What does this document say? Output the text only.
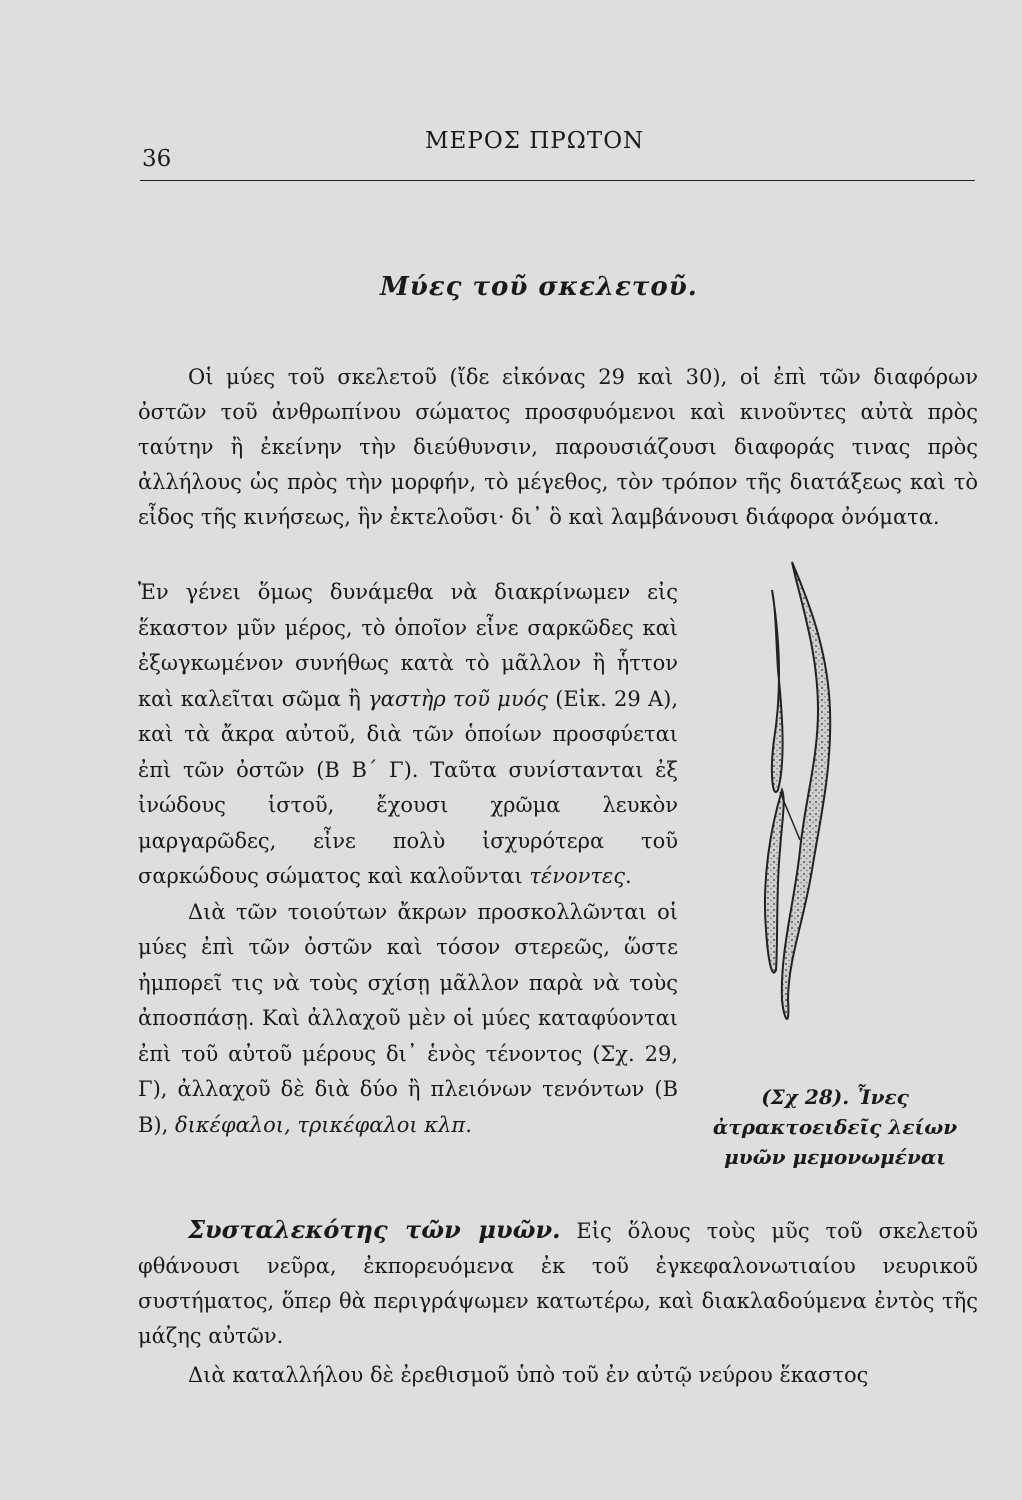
36
ΜΕΡΟΣ ΠΡΩΤΟΝ
Μύες τοῦ σκελετοῦ.

Οἱ μύες τοῦ σκελετοῦ (ἴδε εἰκόνας 29 καὶ 30), οἱ ἐπὶ τῶν διαφόρων ὀστῶν τοῦ ἀνθρωπίνου σώματος προσφυόμενοι καὶ κινοῦντες αὐτὰ πρὸς ταύτην ἢ ἐκείνην τὴν διεύθυνσιν, παρουσιάζουσι διαφοράς τινας πρὸς ἀλλήλους ὡς πρὸς τὴν μορφήν, τὸ μέγεθος, τὸν τρόπον τῆς διατάξεως καὶ τὸ εἶδος τῆς κινήσεως, ἣν ἐκτελοῦσι· δι᾽ ὃ καὶ λαμβάνουσι διάφορα ὀνόματα.

Ἐν γένει ὅμως δυνάμεθα νὰ διακρίνωμεν εἰς ἕκαστον μῦν μέρος, τὸ ὁποῖον εἶνε σαρκῶδες καὶ ἐξωγκωμένον συνήθως κατὰ τὸ μᾶλλον ἢ ἧττον καὶ καλεῖται σῶμα ἢ γαστὴρ τοῦ μυός (Εἰκ. 29 Α), καὶ τὰ ἄκρα αὐτοῦ, διὰ τῶν ὁποίων προσφύεται ἐπὶ τῶν ὀστῶν (Β Β΄ Γ). Ταῦτα συνίστανται ἐξ ἰνώδους ἱστοῦ, ἔχουσι χρῶμα λευκὸν μαργαρῶδες, εἶνε πολὺ ἰσχυρότερα τοῦ σαρκώδους σώματος καὶ καλοῦνται τένοντες.

Διὰ τῶν τοιούτων ἄκρων προσκολλῶνται οἱ μύες ἐπὶ τῶν ὀστῶν καὶ τόσον στερεῶς, ὥστε ἠμπορεῖ τις νὰ τοὺς σχίσῃ μᾶλλον παρὰ νὰ τοὺς ἀποσπάσῃ. Καὶ ἀλλαχοῦ μὲν οἱ μύες καταφύονται ἐπὶ τοῦ αὐτοῦ μέρους δι᾽ ἑνὸς τένοντος (Σχ. 29, Γ), ἀλλαχοῦ δὲ διὰ δύο ἢ πλειόνων τενόντων (Β Β), δικέφαλοι, τρικέφαλοι κλπ.

(Σχ 28). Ἶνες ἀτρακτοειδεῖς λείων μυῶν μεμονωμέναι

Συσταλεκότης τῶν μυῶν. Εἰς ὅλους τοὺς μῦς τοῦ σκελετοῦ φθάνουσι νεῦρα, ἐκπορευόμενα ἐκ τοῦ ἐγκεφαλονωτιαίου νευρικοῦ συστήματος, ὅπερ θὰ περιγράψωμεν κατωτέρω, καὶ διακλαδούμενα ἐντὸς τῆς μάζης αὐτῶν.

Διὰ καταλλήλου δὲ ἐρεθισμοῦ ὑπὸ τοῦ ἐν αὐτῷ νεύρου ἕκαστος
